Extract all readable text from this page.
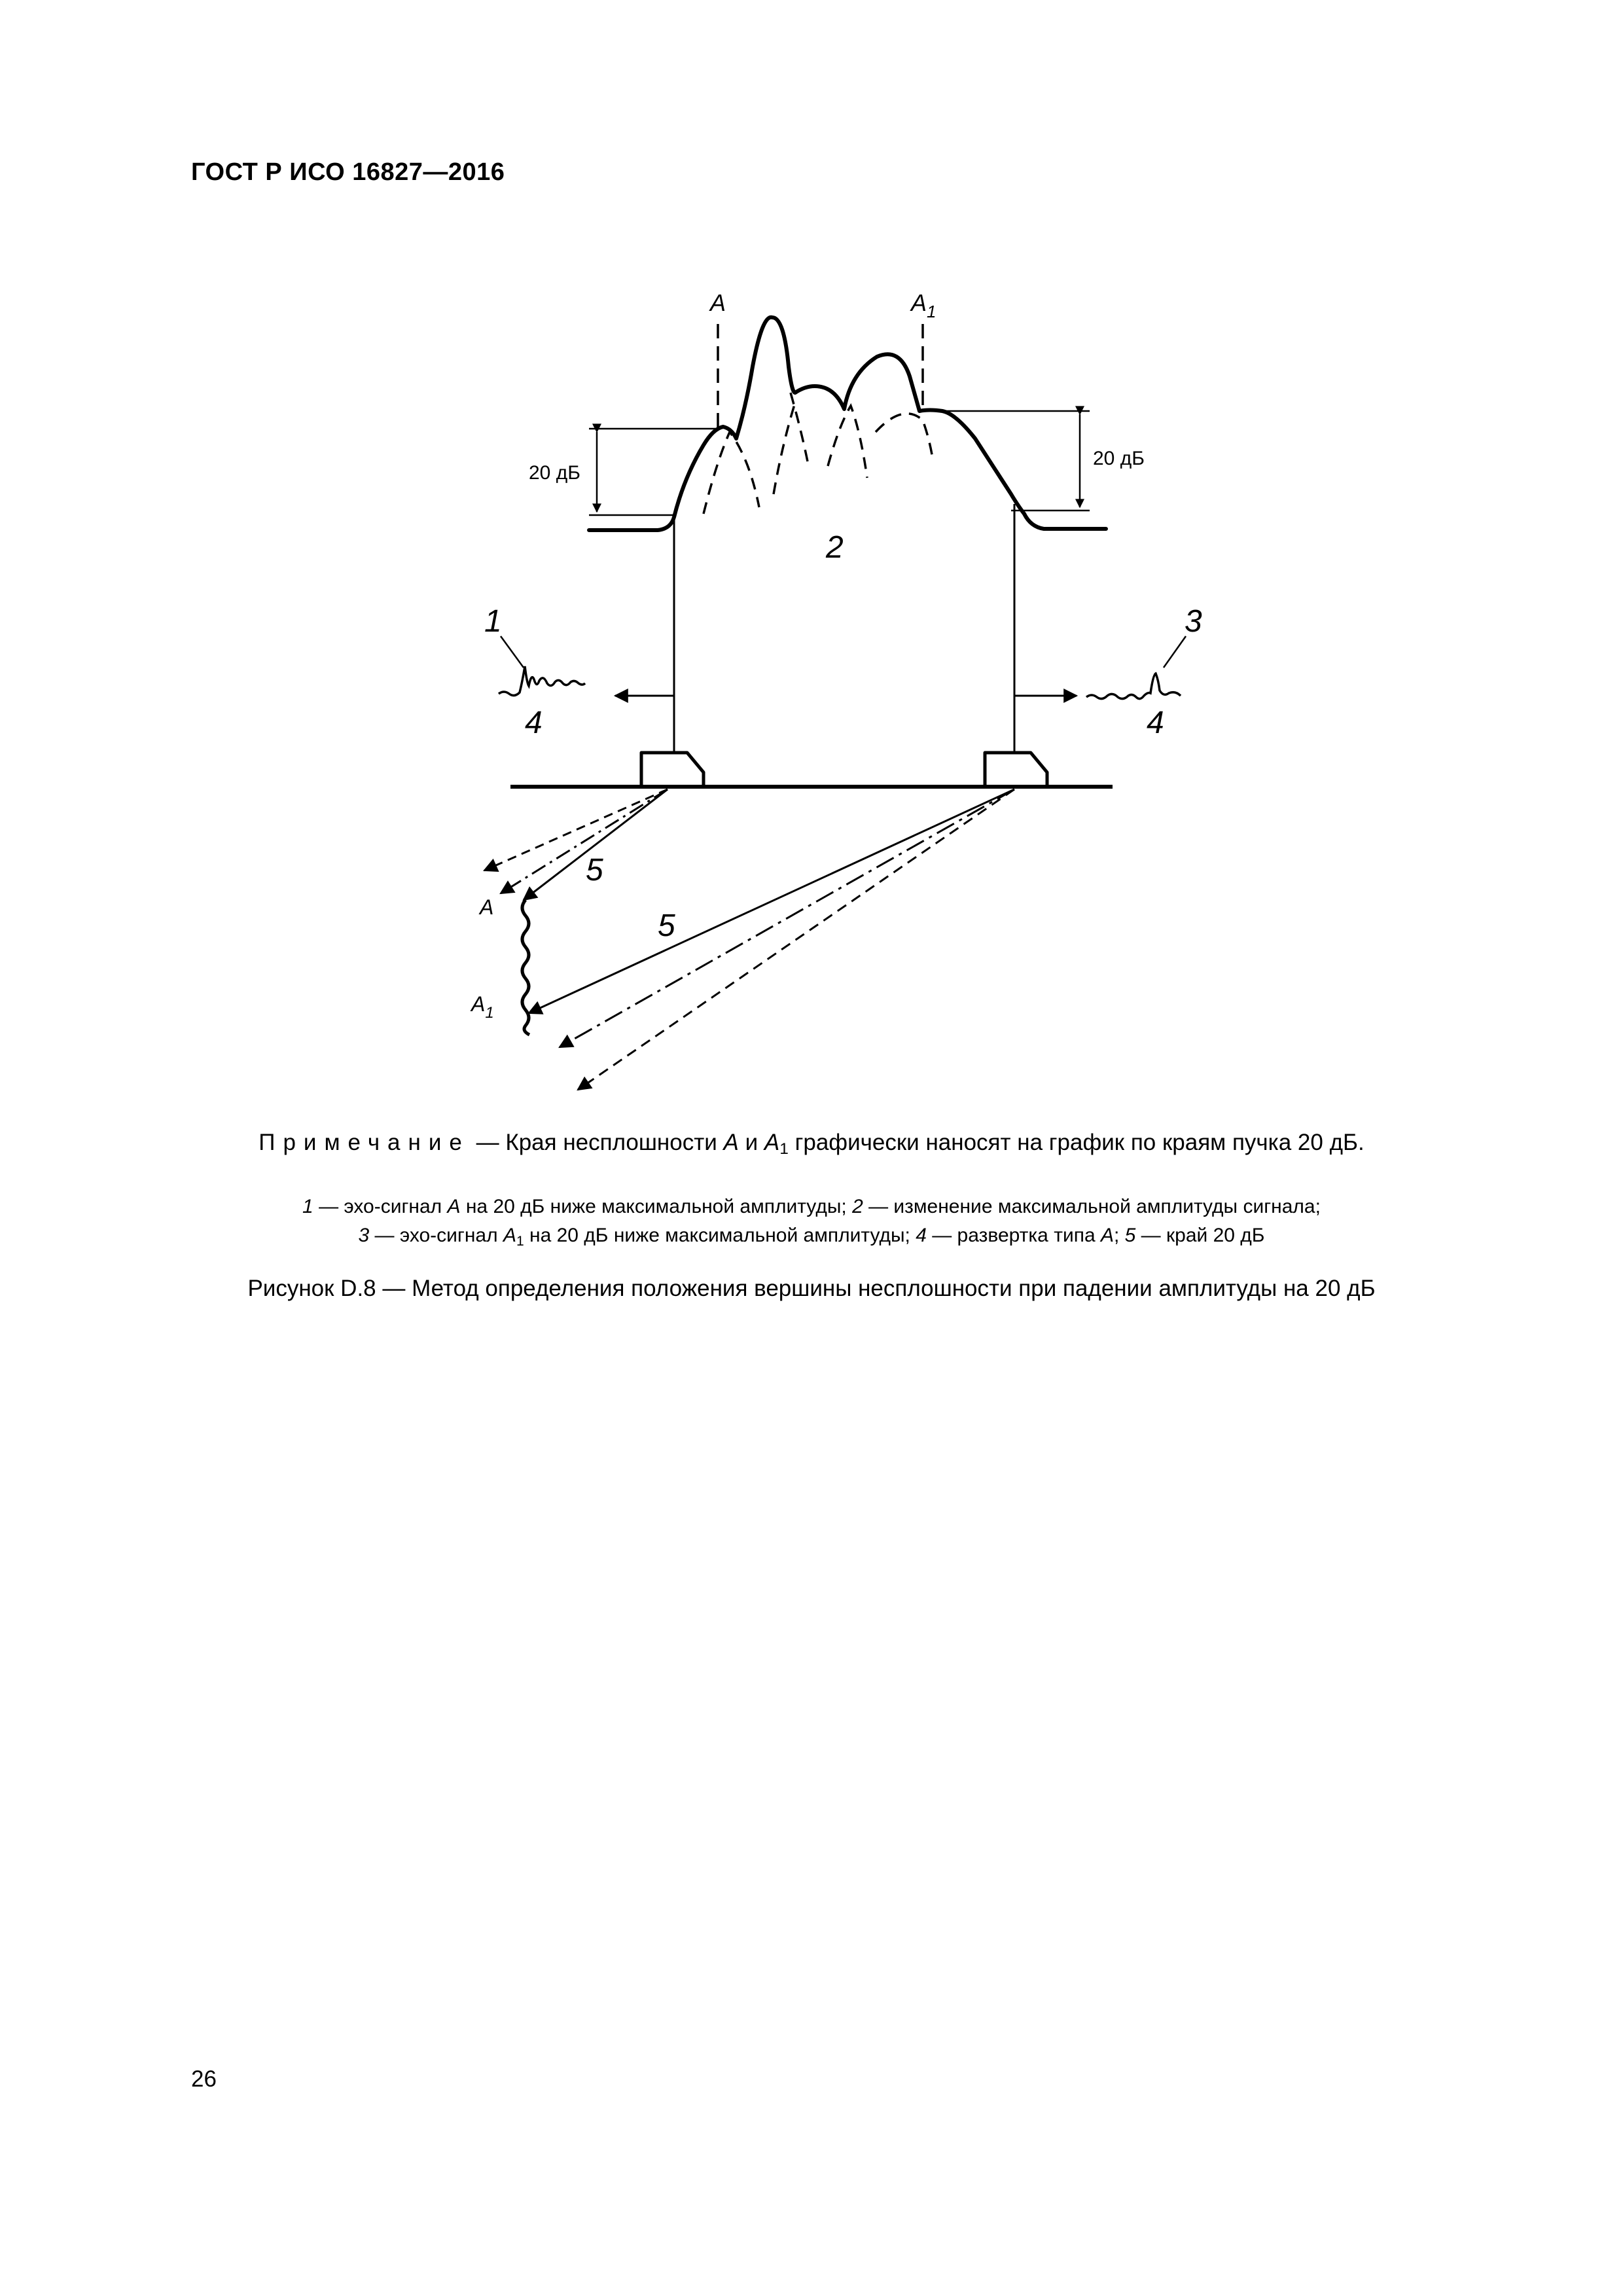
ГОСТ Р ИСО 16827—2016
A	$A_1$
20 дБ
20 дБ
2
1	3
4	4
5
5
A
$A_1$
Примечание — Края несплошности A и $A_1$ графически наносят на график по краям пучка 20 дБ.
1 — эхо-сигнал A на 20 дБ ниже максимальной амплитуды; 2 — изменение максимальной амплитуды сигнала;
3 — эхо-сигнал $A_1$ на 20 дБ ниже максимальной амплитуды; 4 — развертка типа A; 5 — край 20 дБ
Рисунок D.8 — Метод определения положения вершины несплошности при падении амплитуды на 20 дБ
26
